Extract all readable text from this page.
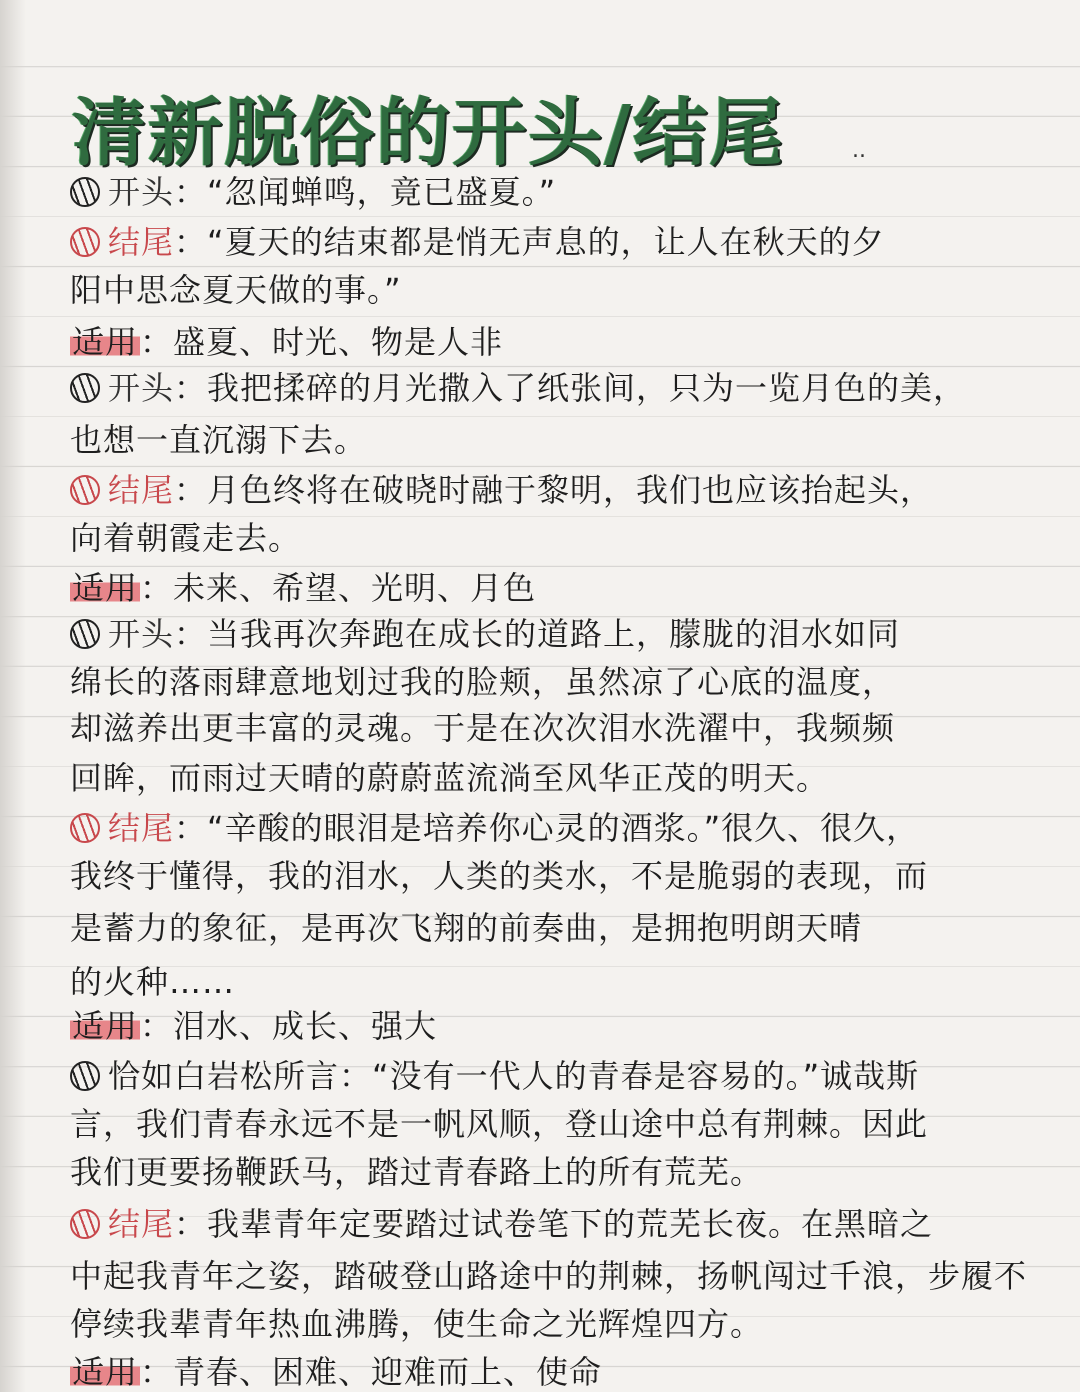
清新脱俗的开头/结尾	..
开头：“忽闻蝉鸣，竟已盛夏。”
结尾：“夏天的结束都是悄无声息的，让人在秋天的夕
阳中思念夏天做的事。”
适用：盛夏、时光、物是人非
开头：我把揉碎的月光撒入了纸张间，只为一览月色的美，
也想一直沉溺下去。
结尾：月色终将在破晓时融于黎明，我们也应该抬起头，
向着朝霞走去。
适用：未来、希望、光明、月色
开头：当我再次奔跑在成长的道路上，朦胧的泪水如同
绵长的落雨肆意地划过我的脸颊，虽然凉了心底的温度，
却滋养出更丰富的灵魂。于是在次次泪水洗濯中，我频频
回眸，而雨过天晴的蔚蔚蓝流淌至风华正茂的明天。
结尾：“辛酸的眼泪是培养你心灵的酒浆。”很久、很久，
我终于懂得，我的泪水，人类的类水，不是脆弱的表现，而
是蓄力的象征，是再次飞翔的前奏曲，是拥抱明朗天晴
的火种……
适用：泪水、成长、强大
恰如白岩松所言：“没有一代人的青春是容易的。”诚哉斯
言，我们青春永远不是一帆风顺，登山途中总有荆棘。因此
我们更要扬鞭跃马，踏过青春路上的所有荒芜。
结尾：我辈青年定要踏过试卷笔下的荒芜长夜。在黑暗之
中起我青年之姿，踏破登山路途中的荆棘，扬帆闯过千浪，步履不
停续我辈青年热血沸腾，使生命之光辉煌四方。
适用：青春、困难、迎难而上、使命
